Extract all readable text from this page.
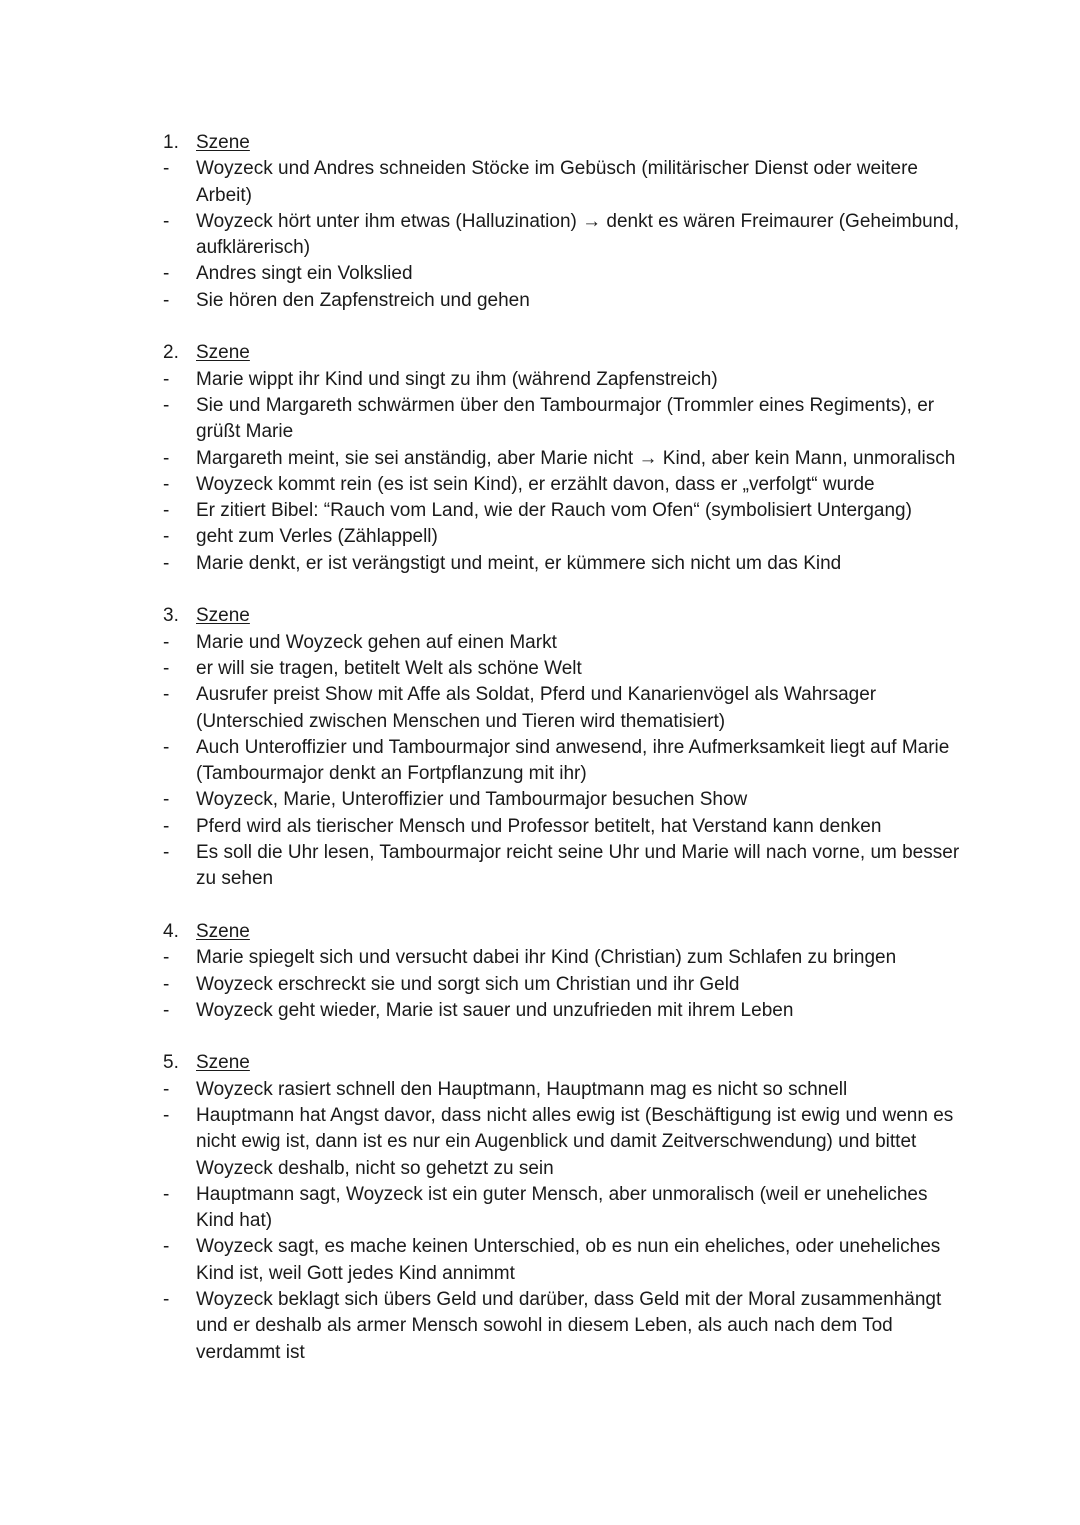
1. Szene
-	Woyzeck und Andres schneiden Stöcke im Gebüsch (militärischer Dienst oder weitere Arbeit)
-	Woyzeck hört unter ihm etwas (Halluzination) → denkt es wären Freimaurer (Geheimbund, aufklärerisch)
-	Andres singt ein Volkslied
-	Sie hören den Zapfenstreich und gehen
2. Szene
-	Marie wippt ihr Kind und singt zu ihm (während Zapfenstreich)
-	Sie und Margareth schwärmen über den Tambourmajor (Trommler eines Regiments), er grüßt Marie
-	Margareth meint, sie sei anständig, aber Marie nicht → Kind, aber kein Mann, unmoralisch
-	Woyzeck kommt rein (es ist sein Kind), er erzählt davon, dass er „verfolgt“ wurde
-	Er zitiert Bibel: “Rauch vom Land, wie der Rauch vom Ofen“ (symbolisiert Untergang)
-	geht zum Verles (Zählappell)
-	Marie denkt, er ist verängstigt und meint, er kümmere sich nicht um das Kind
3. Szene
-	Marie und Woyzeck gehen auf einen Markt
-	er will sie tragen, betitelt Welt als schöne Welt
-	Ausrufer preist Show mit Affe als Soldat, Pferd und Kanarienvögel als Wahrsager (Unterschied zwischen Menschen und Tieren wird thematisiert)
-	Auch Unteroffizier und Tambourmajor sind anwesend, ihre Aufmerksamkeit liegt auf Marie (Tambourmajor denkt an Fortpflanzung mit ihr)
-	Woyzeck, Marie, Unteroffizier und Tambourmajor besuchen Show
-	Pferd wird als tierischer Mensch und Professor betitelt, hat Verstand kann denken
-	Es soll die Uhr lesen, Tambourmajor reicht seine Uhr und Marie will nach vorne, um besser zu sehen
4. Szene
-	Marie spiegelt sich und versucht dabei ihr Kind (Christian) zum Schlafen zu bringen
-	Woyzeck erschreckt sie und sorgt sich um Christian und ihr Geld
-	Woyzeck geht wieder, Marie ist sauer und unzufrieden mit ihrem Leben
5. Szene
-	Woyzeck rasiert schnell den Hauptmann, Hauptmann mag es nicht so schnell
-	Hauptmann hat Angst davor, dass nicht alles ewig ist (Beschäftigung ist ewig und wenn es nicht ewig ist, dann ist es nur ein Augenblick und damit Zeitverschwendung) und bittet Woyzeck deshalb, nicht so gehetzt zu sein
-	Hauptmann sagt, Woyzeck ist ein guter Mensch, aber unmoralisch (weil er uneheliches Kind hat)
-	Woyzeck sagt, es mache keinen Unterschied, ob es nun ein eheliches, oder uneheliches Kind ist, weil Gott jedes Kind annimmt
-	Woyzeck beklagt sich übers Geld und darüber, dass Geld mit der Moral zusammenhängt und er deshalb als armer Mensch sowohl in diesem Leben, als auch nach dem Tod verdammt ist
